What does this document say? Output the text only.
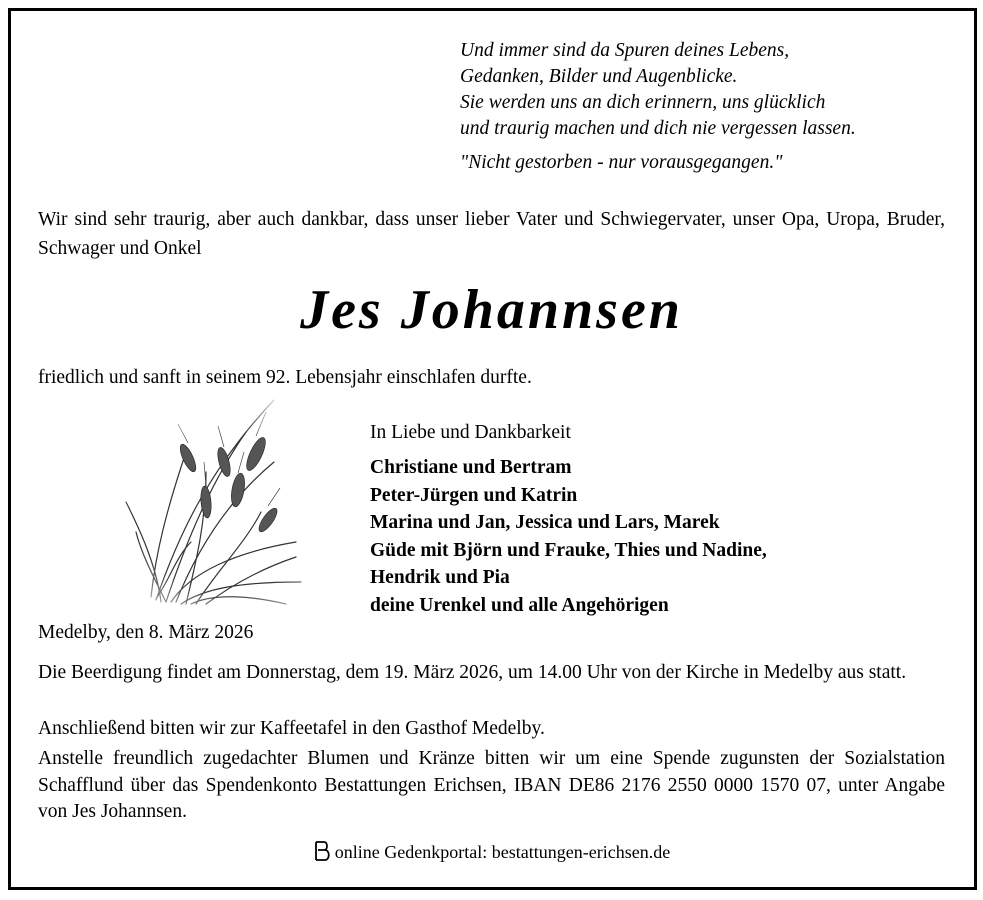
Und immer sind da Spuren deines Lebens,
Gedanken, Bilder und Augenblicke.
Sie werden uns an dich erinnern, uns glücklich
und traurig machen und dich nie vergessen lassen.
"Nicht gestorben - nur vorausgegangen."
Wir sind sehr traurig, aber auch dankbar, dass unser lieber Vater und Schwiegervater, unser Opa, Uropa, Bruder, Schwager und Onkel
Jes Johannsen
friedlich und sanft in seinem 92. Lebensjahr einschlafen durfte.
In Liebe und Dankbarkeit
Christiane und Bertram
Peter-Jürgen und Katrin
Marina und Jan, Jessica und Lars, Marek
Güde mit Björn und Frauke, Thies und Nadine,
Hendrik und Pia
deine Urenkel und alle Angehörigen
Medelby, den 8. März 2026
Die Beerdigung findet am Donnerstag, dem 19. März 2026, um 14.00 Uhr von der Kirche in Medelby aus statt.
Anschließend bitten wir zur Kaffeetafel in den Gasthof Medelby.
Anstelle freundlich zugedachter Blumen und Kränze bitten wir um eine Spende zugunsten der Sozialstation Schafflund über das Spendenkonto Bestattungen Erichsen, IBAN DE86 2176 2550 0000 1570 07, unter Angabe von Jes Johannsen.
online Gedenkportal: bestattungen-erichsen.de
